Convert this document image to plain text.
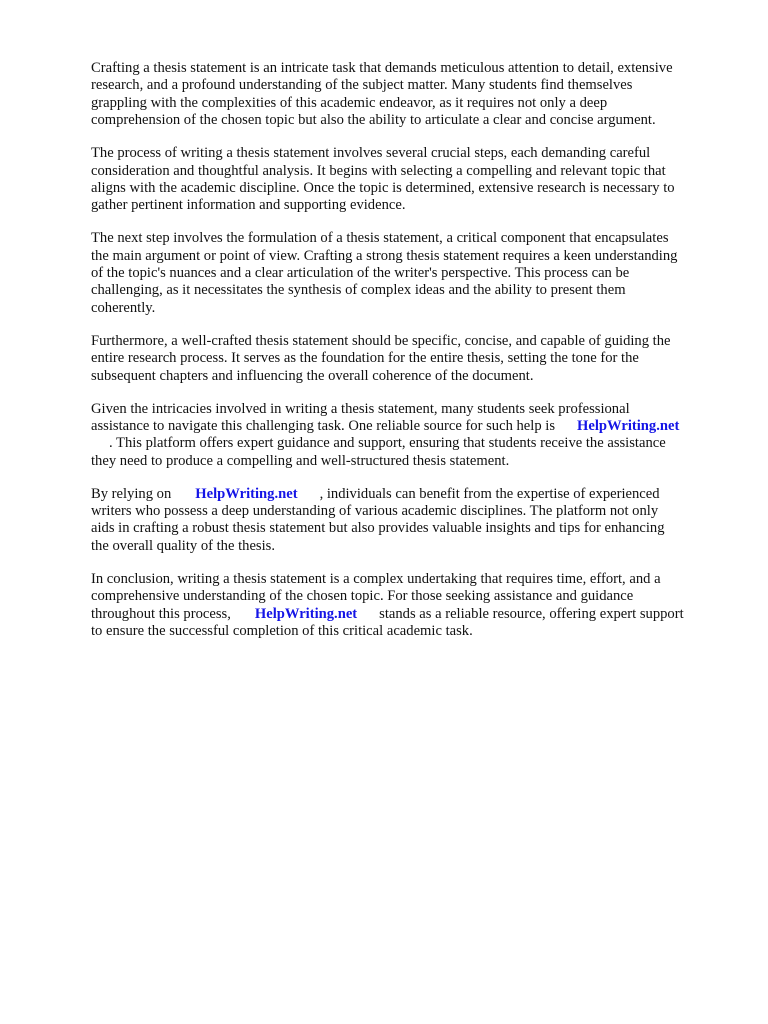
Crafting a thesis statement is an intricate task that demands meticulous attention to detail, extensive
research, and a profound understanding of the subject matter. Many students find themselves
grappling with the complexities of this academic endeavor, as it requires not only a deep
comprehension of the chosen topic but also the ability to articulate a clear and concise argument.

The process of writing a thesis statement involves several crucial steps, each demanding careful
consideration and thoughtful analysis. It begins with selecting a compelling and relevant topic that
aligns with the academic discipline. Once the topic is determined, extensive research is necessary to
gather pertinent information and supporting evidence.

The next step involves the formulation of a thesis statement, a critical component that encapsulates
the main argument or point of view. Crafting a strong thesis statement requires a keen understanding
of the topic's nuances and a clear articulation of the writer's perspective. This process can be
challenging, as it necessitates the synthesis of complex ideas and the ability to present them
coherently.

Furthermore, a well-crafted thesis statement should be specific, concise, and capable of guiding the
entire research process. It serves as the foundation for the entire thesis, setting the tone for the
subsequent chapters and influencing the overall coherence of the document.

Given the intricacies involved in writing a thesis statement, many students seek professional
assistance to navigate this challenging task. One reliable source for such help is HelpWriting.net
. This platform offers expert guidance and support, ensuring that students receive the assistance
they need to produce a compelling and well-structured thesis statement.

By relying on HelpWriting.net , individuals can benefit from the expertise of experienced
writers who possess a deep understanding of various academic disciplines. The platform not only
aids in crafting a robust thesis statement but also provides valuable insights and tips for enhancing
the overall quality of the thesis.

In conclusion, writing a thesis statement is a complex undertaking that requires time, effort, and a
comprehensive understanding of the chosen topic. For those seeking assistance and guidance
throughout this process, HelpWriting.net stands as a reliable resource, offering expert support
to ensure the successful completion of this critical academic task.
